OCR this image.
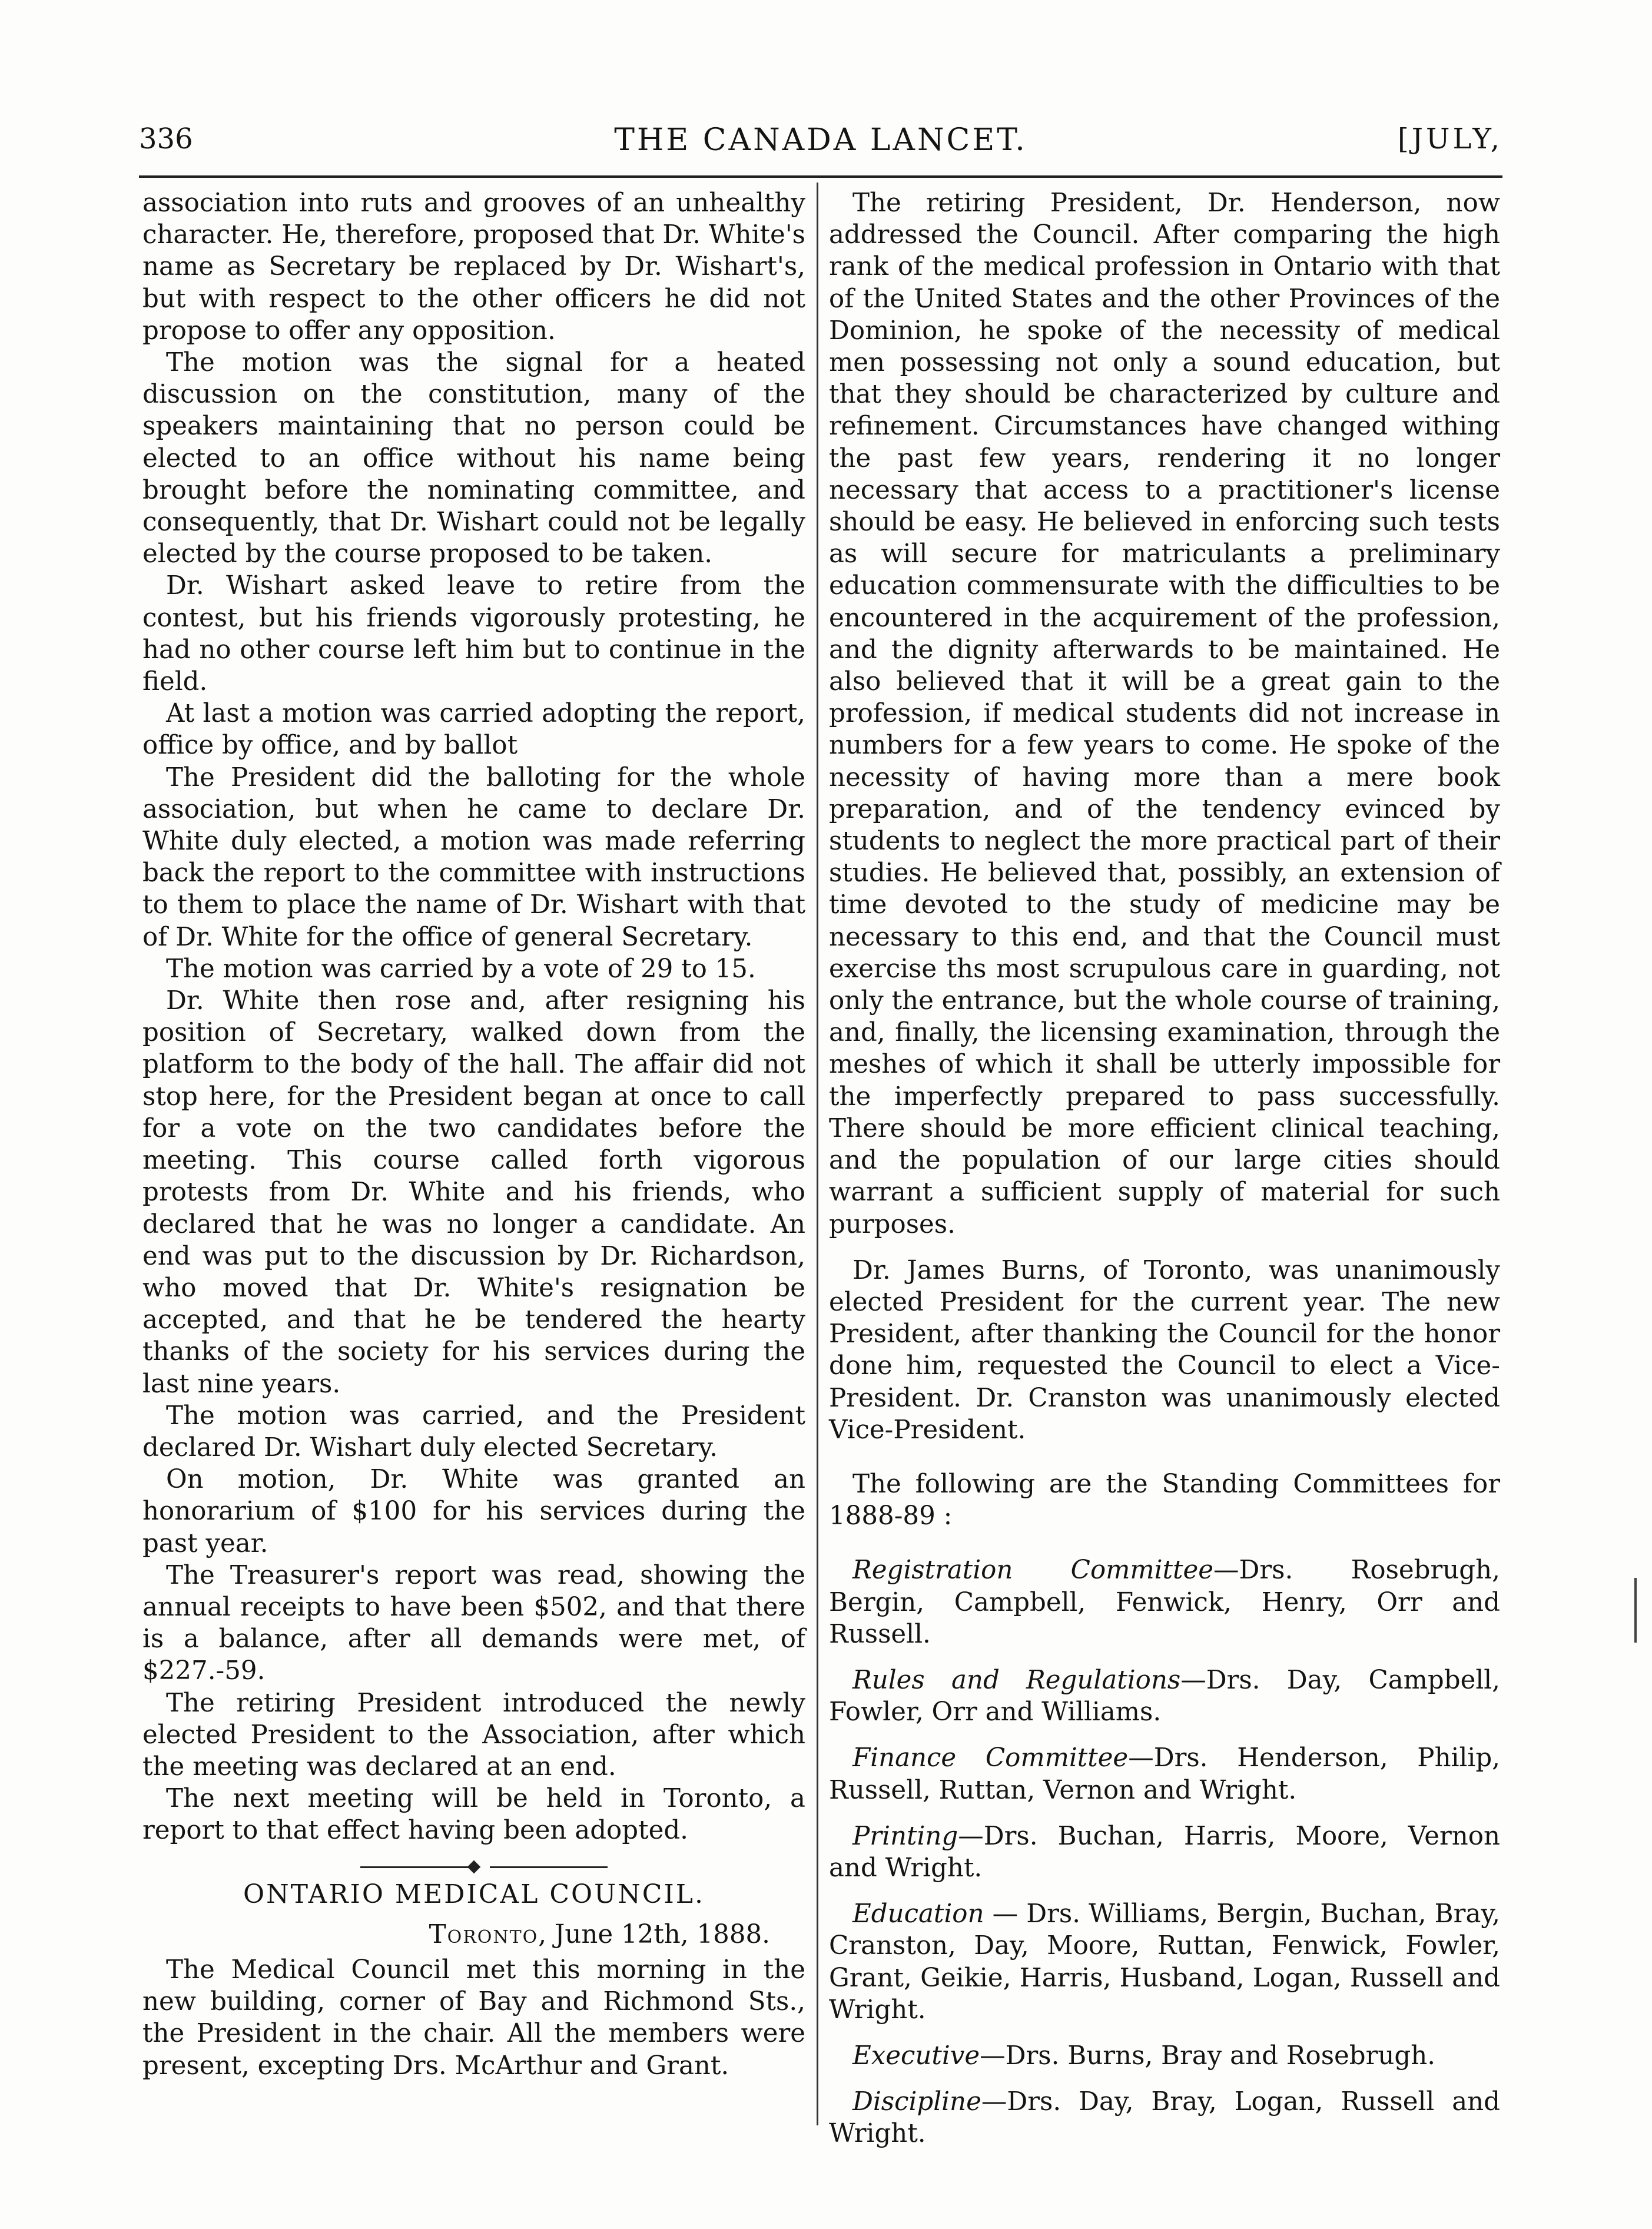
336	THE CANADA LANCET.	[JULY,

association into ruts and grooves of an unhealthy character. He, therefore, proposed that Dr. White's name as Secretary be replaced by Dr. Wishart's, but with respect to the other officers he did not propose to offer any opposition.

The motion was the signal for a heated discussion on the constitution, many of the speakers maintaining that no person could be elected to an office without his name being brought before the nominating committee, and consequently, that Dr. Wishart could not be legally elected by the course proposed to be taken.

Dr. Wishart asked leave to retire from the contest, but his friends vigorously protesting, he had no other course left him but to continue in the field.

At last a motion was carried adopting the report, office by office, and by ballot

The President did the balloting for the whole association, but when he came to declare Dr. White duly elected, a motion was made referring back the report to the committee with instructions to them to place the name of Dr. Wishart with that of Dr. White for the office of general Secretary.

The motion was carried by a vote of 29 to 15.

Dr. White then rose and, after resigning his position of Secretary, walked down from the platform to the body of the hall. The affair did not stop here, for the President began at once to call for a vote on the two candidates before the meeting. This course called forth vigorous protests from Dr. White and his friends, who declared that he was no longer a candidate. An end was put to the discussion by Dr. Richardson, who moved that Dr. White's resignation be accepted, and that he be tendered the hearty thanks of the society for his services during the last nine years.

The motion was carried, and the President declared Dr. Wishart duly elected Secretary.

On motion, Dr. White was granted an honorarium of $100 for his services during the past year.

The Treasurer's report was read, showing the annual receipts to have been $502, and that there is a balance, after all demands were met, of $227.-59.

The retiring President introduced the newly elected President to the Association, after which the meeting was declared at an end.

The next meeting will be held in Toronto, a report to that effect having been adopted.

ONTARIO MEDICAL COUNCIL.
Toronto, June 12th, 1888.

The Medical Council met this morning in the new building, corner of Bay and Richmond Sts., the President in the chair. All the members were present, excepting Drs. McArthur and Grant.

The retiring President, Dr. Henderson, now addressed the Council. After comparing the high rank of the medical profession in Ontario with that of the United States and the other Provinces of the Dominion, he spoke of the necessity of medical men possessing not only a sound education, but that they should be characterized by culture and refinement. Circumstances have changed withing the past few years, rendering it no longer necessary that access to a practitioner's license should be easy. He believed in enforcing such tests as will secure for matriculants a preliminary education commensurate with the difficulties to be encountered in the acquirement of the profession, and the dignity afterwards to be maintained. He also believed that it will be a great gain to the profession, if medical students did not increase in numbers for a few years to come. He spoke of the necessity of having more than a mere book preparation, and of the tendency evinced by students to neglect the more practical part of their studies. He believed that, possibly, an extension of time devoted to the study of medicine may be necessary to this end, and that the Council must exercise ths most scrupulous care in guarding, not only the entrance, but the whole course of training, and, finally, the licensing examination, through the meshes of which it shall be utterly impossible for the imperfectly prepared to pass successfully. There should be more efficient clinical teaching, and the population of our large cities should warrant a sufficient supply of material for such purposes.

Dr. James Burns, of Toronto, was unanimously elected President for the current year. The new President, after thanking the Council for the honor done him, requested the Council to elect a Vice-President. Dr. Cranston was unanimously elected Vice-President.

The following are the Standing Committees for 1888-89 :

Registration Committee—Drs. Rosebrugh, Bergin, Campbell, Fenwick, Henry, Orr and Russell.

Rules and Regulations—Drs. Day, Campbell, Fowler, Orr and Williams.

Finance Committee—Drs. Henderson, Philip, Russell, Ruttan, Vernon and Wright.

Printing—Drs. Buchan, Harris, Moore, Vernon and Wright.

Education — Drs. Williams, Bergin, Buchan, Bray, Cranston, Day, Moore, Ruttan, Fenwick, Fowler, Grant, Geikie, Harris, Husband, Logan, Russell and Wright.

Executive—Drs. Burns, Bray and Rosebrugh.

Discipline—Drs. Day, Bray, Logan, Russell and Wright.
